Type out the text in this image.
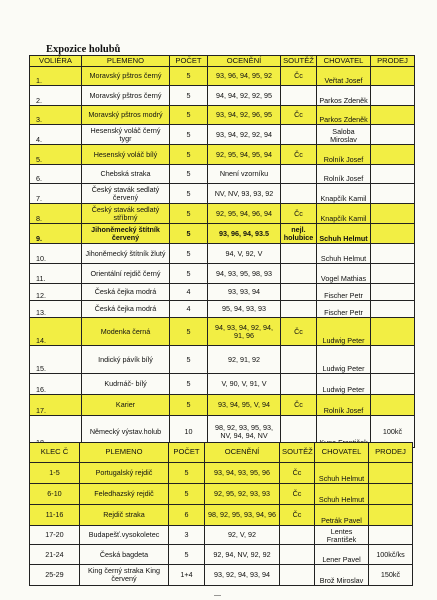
Expozice holubů
VOLIÉRA	PLEMENO	POČET	OCENĚNÍ	SOUTĚŽ	CHOVATEL	PRODEJ
1.	Moravský pštros černý	5	93, 96, 94, 95, 92	Čc	Veřtat Josef	
2.	Moravský pštros černý	5	94, 94, 92, 92, 95		Parkos Zdeněk	
3.	Moravský pštros modrý	5	93, 94, 92, 96, 95	Čc	Parkos Zdeněk	
4.	Hesenský voláč černý tygr	5	93, 94, 92, 92, 94		Saloba Miroslav	
5.	Hesenský voláč bílý	5	92, 95, 94, 95, 94	Čc	Rolník Josef	
6.	Chebská straka	5	Nnení vzorníku		Rolník Josef	
7.	Český stavák sedlatý červený	5	NV, NV, 93, 93, 92		Knapčík Kamil	
8.	Český stavák sedlatý stříbrný	5	92, 95, 94, 96, 94	Čc	Knapčík Kamil	
9.	Jihoněmecký štítník červený	5	93, 96, 94, 93.5	nejl. holubice	Schuh Helmut	
10.	Jihoněmecký štítník žlutý	5	94, V, 92, V		Schuh Helmut	
11.	Orientální rejdič černý	5	94, 93, 95, 98, 93		Vogel Mathias	
12.	Česká čejka modrá	4	93, 93, 94		Fischer Petr	
13.	Česká čejka modrá	4	95, 94, 93, 93		Fischer Petr	
14.	Modenka černá	5	94, 93, 94, 92, 94, 91, 96	Čc	Ludwig Peter	
15.	Indický pávík bílý	5	92, 91, 92		Ludwig Peter	
16.	Kudrnáč- bílý	5	V, 90, V, 91, V		Ludwig Peter	
17.	Karier	5	93, 94, 95, V, 94	Čc	Rolník Josef	
	Německý výstav.holub	10	98, 92, 93, 95, 93, NV, 94, 94, NV			100kč
KLEC Č	PLEMENO	POČET	OCENĚNÍ	SOUTĚŽ	CHOVATEL	PRODEJ
1-5	Portugalský rejdič	5	93, 94, 93, 95, 96	Čc	Schuh Helmut	
6-10	Feledhazský rejdič	5	92, 95, 92, 93, 93	Čc	Schuh Helmut	
11-16	Rejdič straka	6	98, 92, 95, 93, 94, 96	Čc	Petrák Pavel	
17-20	Budapešť.vysokoletec	3	92, V, 92		Lentes František	
21-24	Česká bagdeta	5	92, 94, NV, 92, 92		Lener Pavel	100kč/ks
25-29	King černý straka King červený	1+4	93, 92, 94, 93, 94		Brož Miroslav	150kč
—
